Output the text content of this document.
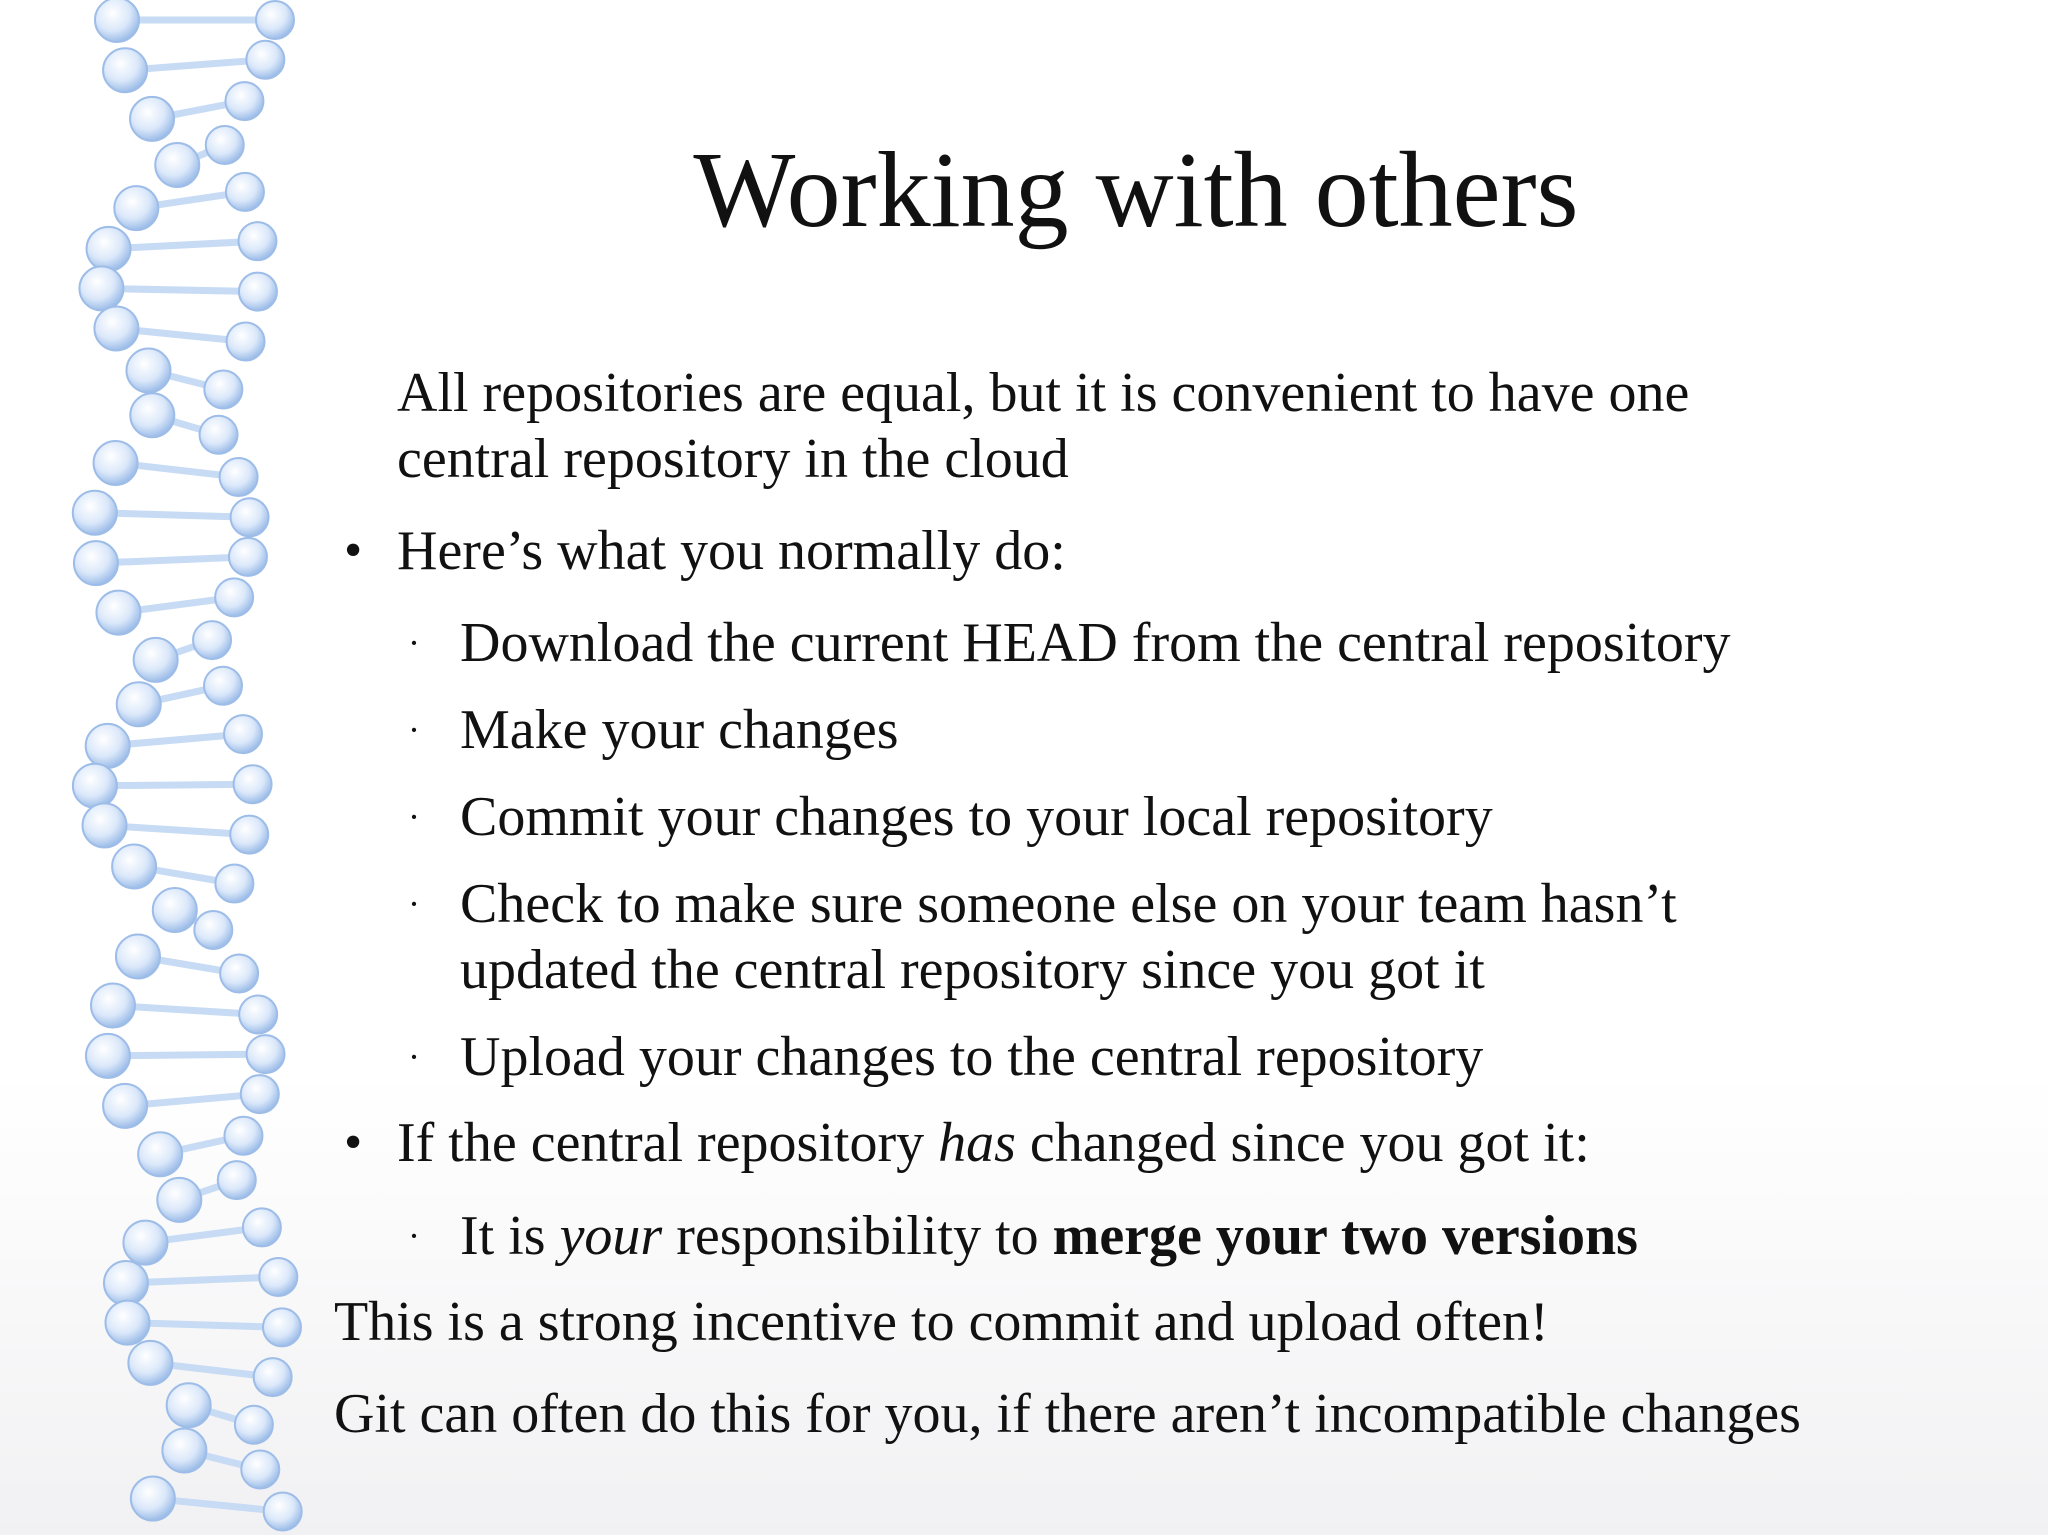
Working with others

All repositories are equal, but it is convenient to have one

central repository in the cloud

• Here’s what you normally do:

· Download the current HEAD from the central repository

· Make your changes

· Commit your changes to your local repository

· Check to make sure someone else on your team hasn’t

updated the central repository since you got it

· Upload your changes to the central repository

• If the central repository has changed since you got it:

· It is your responsibility to merge your two versions

This is a strong incentive to commit and upload often!

Git can often do this for you, if there aren’t incompatible changes
